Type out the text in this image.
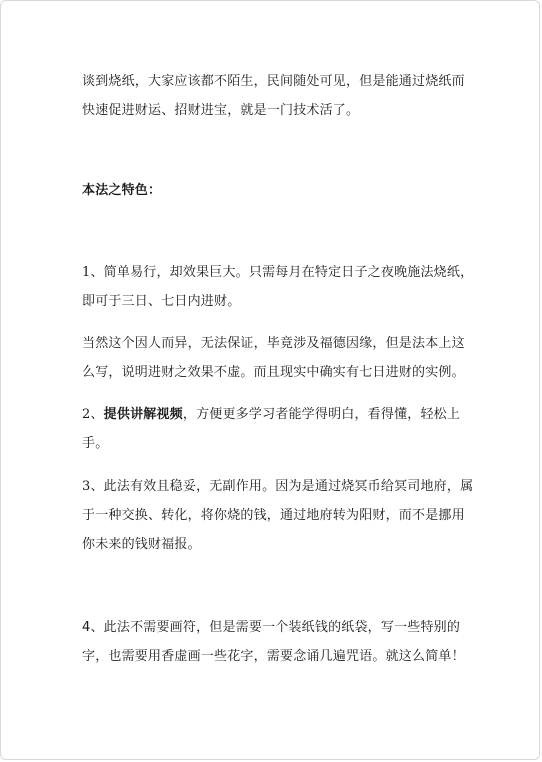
谈到烧纸，大家应该都不陌生，民间随处可见，但是能通过烧纸而快速促进财运、招财进宝，就是一门技术活了。

本法之特色：

1、简单易行，却效果巨大。只需每月在特定日子之夜晚施法烧纸，即可于三日、七日内进财。

当然这个因人而异，无法保证，毕竟涉及福德因缘，但是法本上这么写，说明进财之效果不虚。而且现实中确实有七日进财的实例。

2、提供讲解视频，方便更多学习者能学得明白，看得懂，轻松上手。

3、此法有效且稳妥，无副作用。因为是通过烧冥币给冥司地府，属于一种交换、转化，将你烧的钱，通过地府转为阳财，而不是挪用你未来的钱财福报。

4、此法不需要画符，但是需要一个装纸钱的纸袋，写一些特别的字，也需要用香虚画一些花字，需要念诵几遍咒语。就这么简单！
